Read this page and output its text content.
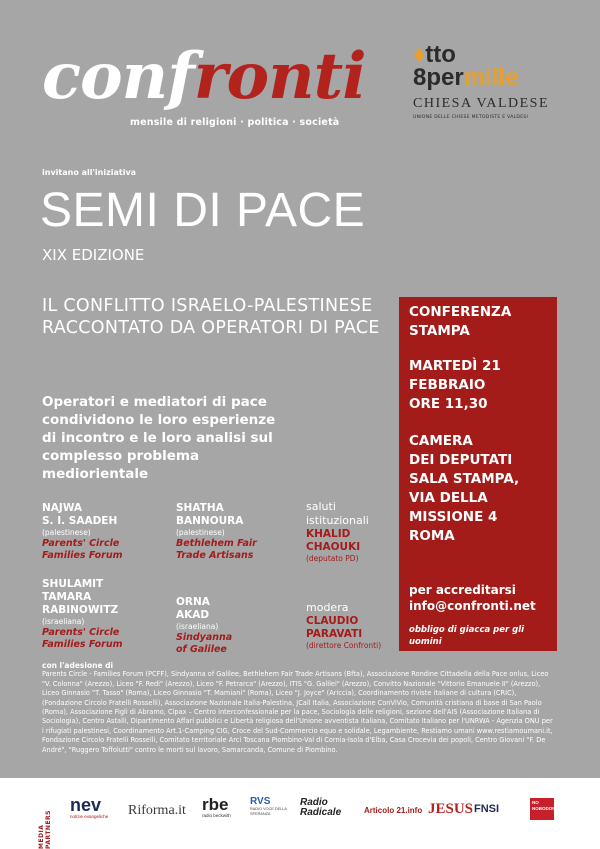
confronti
mensile di religioni · politica · società
♦tto
8permille
CHIESA VALDESE
UNIONE DELLE CHIESE METODISTE E VALDESI
invitano all'iniziativa
SEMI DI PACE
XIX EDIZIONE
IL CONFLITTO ISRAELO-PALESTINESE
RACCONTATO DA OPERATORI DI PACE
Operatori e mediatori di pace condividono le loro esperienze di incontro e le loro analisi sul complesso problema mediorientale
NAJWA
S. I. SAADEH
(palestinese)
Parents' Circle
Families Forum
SHULAMIT
TAMARA
RABINOWITZ
(israeliana)
Parents' Circle
Families Forum
SHATHA
BANNOURA
(palestinese)
Bethlehem Fair
Trade Artisans
ORNA
AKAD
(israeliana)
Sindyanna
of Galilee
saluti
istituzionali
KHALID
CHAOUKI
(deputato PD)
modera
CLAUDIO
PARAVATI
(direttore Confronti)
CONFERENZA
STAMPA
MARTEDÌ 21
FEBBRAIO
ORE 11,30
CAMERA
DEI DEPUTATI
SALA STAMPA,
VIA DELLA
MISSIONE 4
ROMA
per accreditarsi
info@confronti.net
obbligo di giacca per gli uomini
con l'adesione di
Parents Circle - Families Forum (PCFF), Sindyanna of Galilee, Bethlehem Fair Trade Artisans (Bfta), Associazione Rondine Cittadella della Pace onlus, Liceo "V. Colonna" (Arezzo), Liceo "F. Redi" (Arezzo), Liceo "F. Petrarca" (Arezzo), ITIS "G. Galilei" (Arezzo), Convitto Nazionale "Vittorio Emanuele II" (Arezzo), Liceo Ginnasio "T. Tasso" (Roma), Liceo Ginnasio "T. Mamiani" (Roma), Liceo "J. Joyce" (Ariccia), Coordinamento riviste italiane di cultura (CRIC), (Fondazione Circolo Fratelli Rosselli), Associazione Nazionale Italia-Palestina, JCall Italia, Associazione ConViVio, Comunità cristiana di base di San Paolo (Roma), Associazione Figli di Abramo, Cipax – Centro interconfessionale per la pace, Sociologia delle religioni, sezione dell'AIS (Associazione Italiana di Sociologia), Centro Astalli, Dipartimento Affari pubblici e Libertà religiosa dell'Unione avventista italiana, Comitato Italiano per l'UNRWA - Agenzia ONU per i rifugiati palestinesi, Coordinamento Art.1-Camping CIG, Croce del Sud-Commercio equo e solidale, Legambiente, Restiamo umani www.restiamoumani.it, Fondazione Circolo Fratelli Rosselli, Comitato territoriale Arci Toscana Piombino-Val di Cornia-Isola d'Elba, Casa Crocevia dei popoli, Centro Giovani "F. De André", "Ruggero Toffolutti" contro le morti sul lavoro, Samarcanda, Comune di Piombino.
MEDIA PARTNERS
nev
notizie evangeliche Riforma.it rbe
radio beckwith
RVS
RADIO VOCE DELLA SPERANZA
Radio Radicale	Articolo 21.info JESUS FNSI
NO NOBODONNE
